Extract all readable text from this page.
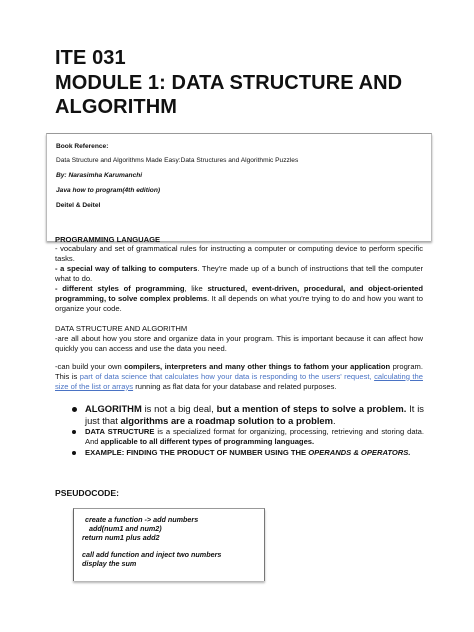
ITE 031
MODULE 1: DATA STRUCTURE AND
ALGORITHM
Book Reference:
Data Structure and Algorithms Made Easy:Data Structures and Algorithmic Puzzles
By: Narasimha Karumanchi
Java how to program(4th edition)
Deitel & Deitel
PROGRAMMING LANGUAGE
- vocabulary and set of grammatical rules for instructing a computer or computing device to perform specific tasks.
- a special way of talking to computers. They're made up of a bunch of instructions that tell the computer what to do.
- different styles of programming, like structured, event-driven, procedural, and object-oriented programming, to solve complex problems. It all depends on what you're trying to do and how you want to organize your code.
DATA STRUCTURE AND ALGORITHM
-are all about how you store and organize data in your program. This is important because it can affect how quickly you can access and use the data you need.
-can build your own compilers, interpreters and many other things to fathom your application program. This is part of data science that calculates how your data is responding to the users' request, calculating the size of the list or arrays running as flat data for your database and related purposes.
ALGORITHM is not a big deal, but a mention of steps to solve a problem. It is just that algorithms are a roadmap solution to a problem.
DATA STRUCTURE is a specialized format for organizing, processing, retrieving and storing data. And applicable to all different types of programming languages.
EXAMPLE: FINDING THE PRODUCT OF NUMBER USING THE OPERANDS & OPERATORS.
PSEUDOCODE:
create a function -> add numbers
add(num1 and num2)
return num1 plus add2
call add function and inject two numbers
display the sum
